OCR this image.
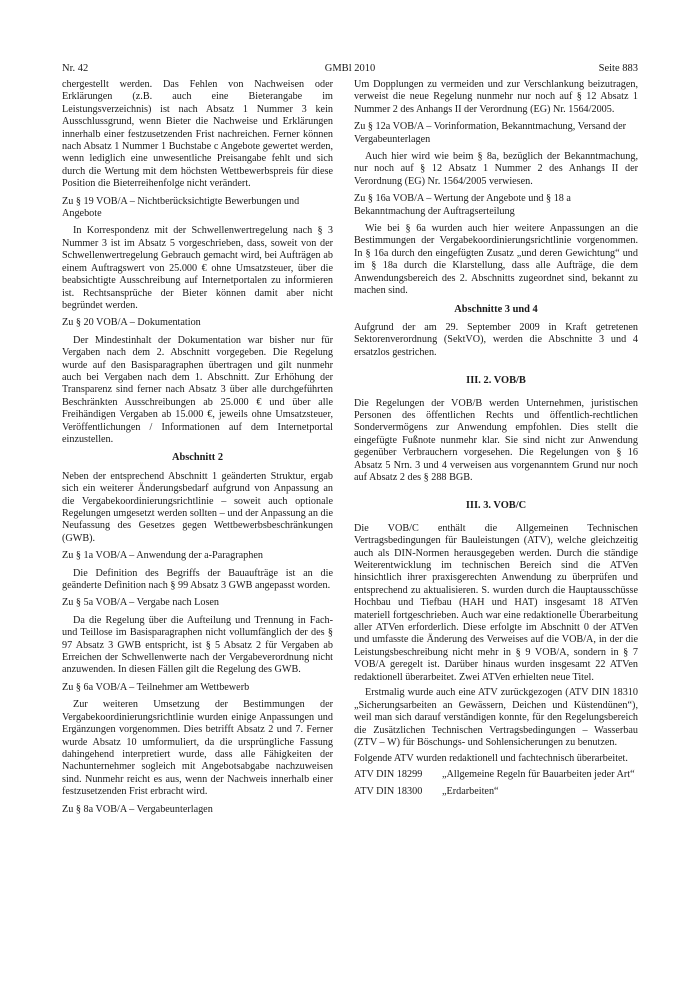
Nr. 42	GMBl 2010	Seite 883

chergestellt werden. Das Fehlen von Nachweisen oder Erklärungen (z.B. auch eine Bieterangabe im Leistungsverzeichnis) ist nach Absatz 1 Nummer 3 kein Ausschlussgrund, wenn Bieter die Nachweise und Erklärungen innerhalb einer festzusetzenden Frist nachreichen. Ferner können nach Absatz 1 Nummer 1 Buchstabe c Angebote gewertet werden, wenn lediglich eine unwesentliche Preisangabe fehlt und sich durch die Wertung mit dem höchsten Wettbewerbspreis für diese Position die Bieterreihenfolge nicht verändert.

Zu § 19 VOB/A – Nichtberücksichtigte Bewerbungen und Angebote

In Korrespondenz mit der Schwellenwertregelung nach § 3 Nummer 3 ist im Absatz 5 vorgeschrieben, dass, soweit von der Schwellenwertregelung Gebrauch gemacht wird, bei Aufträgen ab einem Auftragswert von 25.000 € ohne Umsatzsteuer, über die beabsichtigte Ausschreibung auf Internetportalen zu informieren ist. Rechtsansprüche der Bieter können damit aber nicht begründet werden.

Zu § 20 VOB/A – Dokumentation

Der Mindestinhalt der Dokumentation war bisher nur für Vergaben nach dem 2. Abschnitt vorgegeben. Die Regelung wurde auf den Basisparagraphen übertragen und gilt nunmehr auch bei Vergaben nach dem 1. Abschnitt. Zur Erhöhung der Transparenz sind ferner nach Absatz 3 über alle durchgeführten Beschränkten Ausschreibungen ab 25.000 € und über alle Freihändigen Vergaben ab 15.000 €, jeweils ohne Umsatzsteuer, Veröffentlichungen / Informationen auf dem Internetportal einzustellen.

Abschnitt 2

Neben der entsprechend Abschnitt 1 geänderten Struktur, ergab sich ein weiterer Änderungsbedarf aufgrund von Anpassung an die Vergabekoordinierungsrichtlinie – soweit auch optionale Regelungen umgesetzt werden sollten – und der Anpassung an die Neufassung des Gesetzes gegen Wettbewerbsbeschränkungen (GWB).

Zu § 1a VOB/A – Anwendung der a-Paragraphen

Die Definition des Begriffs der Bauaufträge ist an die geänderte Definition nach § 99 Absatz 3 GWB angepasst worden.

Zu § 5a VOB/A – Vergabe nach Losen

Da die Regelung über die Aufteilung und Trennung in Fach- und Teillose im Basisparagraphen nicht vollumfänglich der des § 97 Absatz 3 GWB entspricht, ist § 5 Absatz 2 für Vergaben ab Erreichen der Schwellenwerte nach der Vergabeverordnung nicht anzuwenden. In diesen Fällen gilt die Regelung des GWB.

Zu § 6a VOB/A – Teilnehmer am Wettbewerb

Zur weiteren Umsetzung der Bestimmungen der Vergabekoordinierungsrichtlinie wurden einige Anpassungen und Ergänzungen vorgenommen. Dies betrifft Absatz 2 und 7. Ferner wurde Absatz 10 umformuliert, da die ursprüngliche Fassung dahingehend interpretiert wurde, dass alle Fähigkeiten der Nachunternehmer sogleich mit Angebotsabgabe nachzuweisen sind. Nunmehr reicht es aus, wenn der Nachweis innerhalb einer festzusetzenden Frist erbracht wird.

Zu § 8a VOB/A – Vergabeunterlagen

Um Dopplungen zu vermeiden und zur Verschlankung beizutragen, verweist die neue Regelung nunmehr nur noch auf § 12 Absatz 1 Nummer 2 des Anhangs II der Verordnung (EG) Nr. 1564/2005.

Zu § 12a VOB/A – Vorinformation, Bekanntmachung, Versand der Vergabeunterlagen

Auch hier wird wie beim § 8a, bezüglich der Bekanntmachung, nur noch auf § 12 Absatz 1 Nummer 2 des Anhangs II der Verordnung (EG) Nr. 1564/2005 verwiesen.

Zu § 16a VOB/A – Wertung der Angebote und § 18 a Bekanntmachung der Auftragserteilung

Wie bei § 6a wurden auch hier weitere Anpassungen an die Bestimmungen der Vergabekoordinierungsrichtlinie vorgenommen. In § 16a durch den eingefügten Zusatz „und deren Gewichtung“ und im § 18a durch die Klarstellung, dass alle Aufträge, die dem Anwendungsbereich des 2. Abschnitts zugeordnet sind, bekannt zu machen sind.

Abschnitte 3 und 4

Aufgrund der am 29. September 2009 in Kraft getretenen Sektorenverordnung (SektVO), werden die Abschnitte 3 und 4 ersatzlos gestrichen.

III. 2. VOB/B

Die Regelungen der VOB/B werden Unternehmen, juristischen Personen des öffentlichen Rechts und öffentlich-rechtlichen Sondervermögens zur Anwendung empfohlen. Dies stellt die eingefügte Fußnote nunmehr klar. Sie sind nicht zur Anwendung gegenüber Verbrauchern vorgesehen. Die Regelungen von § 16 Absatz 5 Nrn. 3 und 4 verweisen aus vorgenanntem Grund nur noch auf Absatz 2 des § 288 BGB.

III. 3. VOB/C

Die VOB/C enthält die Allgemeinen Technischen Vertragsbedingungen für Bauleistungen (ATV), welche gleichzeitig auch als DIN-Normen herausgegeben werden. Durch die ständige Weiterentwicklung im technischen Bereich sind die ATVen hinsichtlich ihrer praxisgerechten Anwendung zu überprüfen und entsprechend zu aktualisieren. S. wurden durch die Hauptausschüsse Hochbau und Tiefbau (HAH und HAT) insgesamt 18 ATVen materiell fortgeschrieben. Auch war eine redaktionelle Überarbeitung aller ATVen erforderlich. Diese erfolgte im Abschnitt 0 der ATVen und umfasste die Änderung des Verweises auf die VOB/A, in der die Leistungsbeschreibung nicht mehr in § 9 VOB/A, sondern in § 7 VOB/A geregelt ist. Darüber hinaus wurden insgesamt 22 ATVen redaktionell überarbeitet. Zwei ATVen erhielten neue Titel.

Erstmalig wurde auch eine ATV zurückgezogen (ATV DIN 18310 „Sicherungsarbeiten an Gewässern, Deichen und Küstendünen“), weil man sich darauf verständigen konnte, für den Regelungsbereich die Zusätzlichen Technischen Vertragsbedingungen – Wasserbau (ZTV – W) für Böschungs- und Sohlensicherungen zu benutzen.

Folgende ATV wurden redaktionell und fachtechnisch überarbeitet.

ATV DIN 18299	„Allgemeine Regeln für Bauarbeiten jeder Art“
ATV DIN 18300	„Erdarbeiten“
